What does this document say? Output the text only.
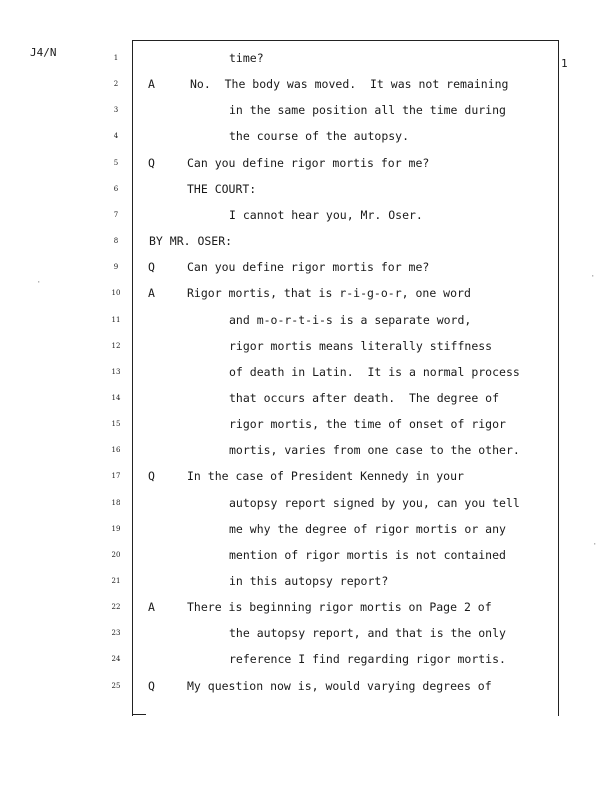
J4/N
1
1	time?
2	A	No.  The body was moved.  It was not remaining
3	in the same position all the time during
4	the course of the autopsy.
5	Q	Can you define rigor mortis for me?
6	THE COURT:
7	I cannot hear you, Mr. Oser.
8	BY MR. OSER:
9	Q	Can you define rigor mortis for me?
10	A	Rigor mortis, that is r-i-g-o-r, one word
11	and m-o-r-t-i-s is a separate word,
12	rigor mortis means literally stiffness
13	of death in Latin.  It is a normal process
14	that occurs after death.  The degree of
15	rigor mortis, the time of onset of rigor
16	mortis, varies from one case to the other.
17	Q	In the case of President Kennedy in your
18	autopsy report signed by you, can you tell
19	me why the degree of rigor mortis or any
20	mention of rigor mortis is not contained
21	in this autopsy report?
22	A	There is beginning rigor mortis on Page 2 of
23	the autopsy report, and that is the only
24	reference I find regarding rigor mortis.
25	Q	My question now is, would varying degrees of
·
·
·
